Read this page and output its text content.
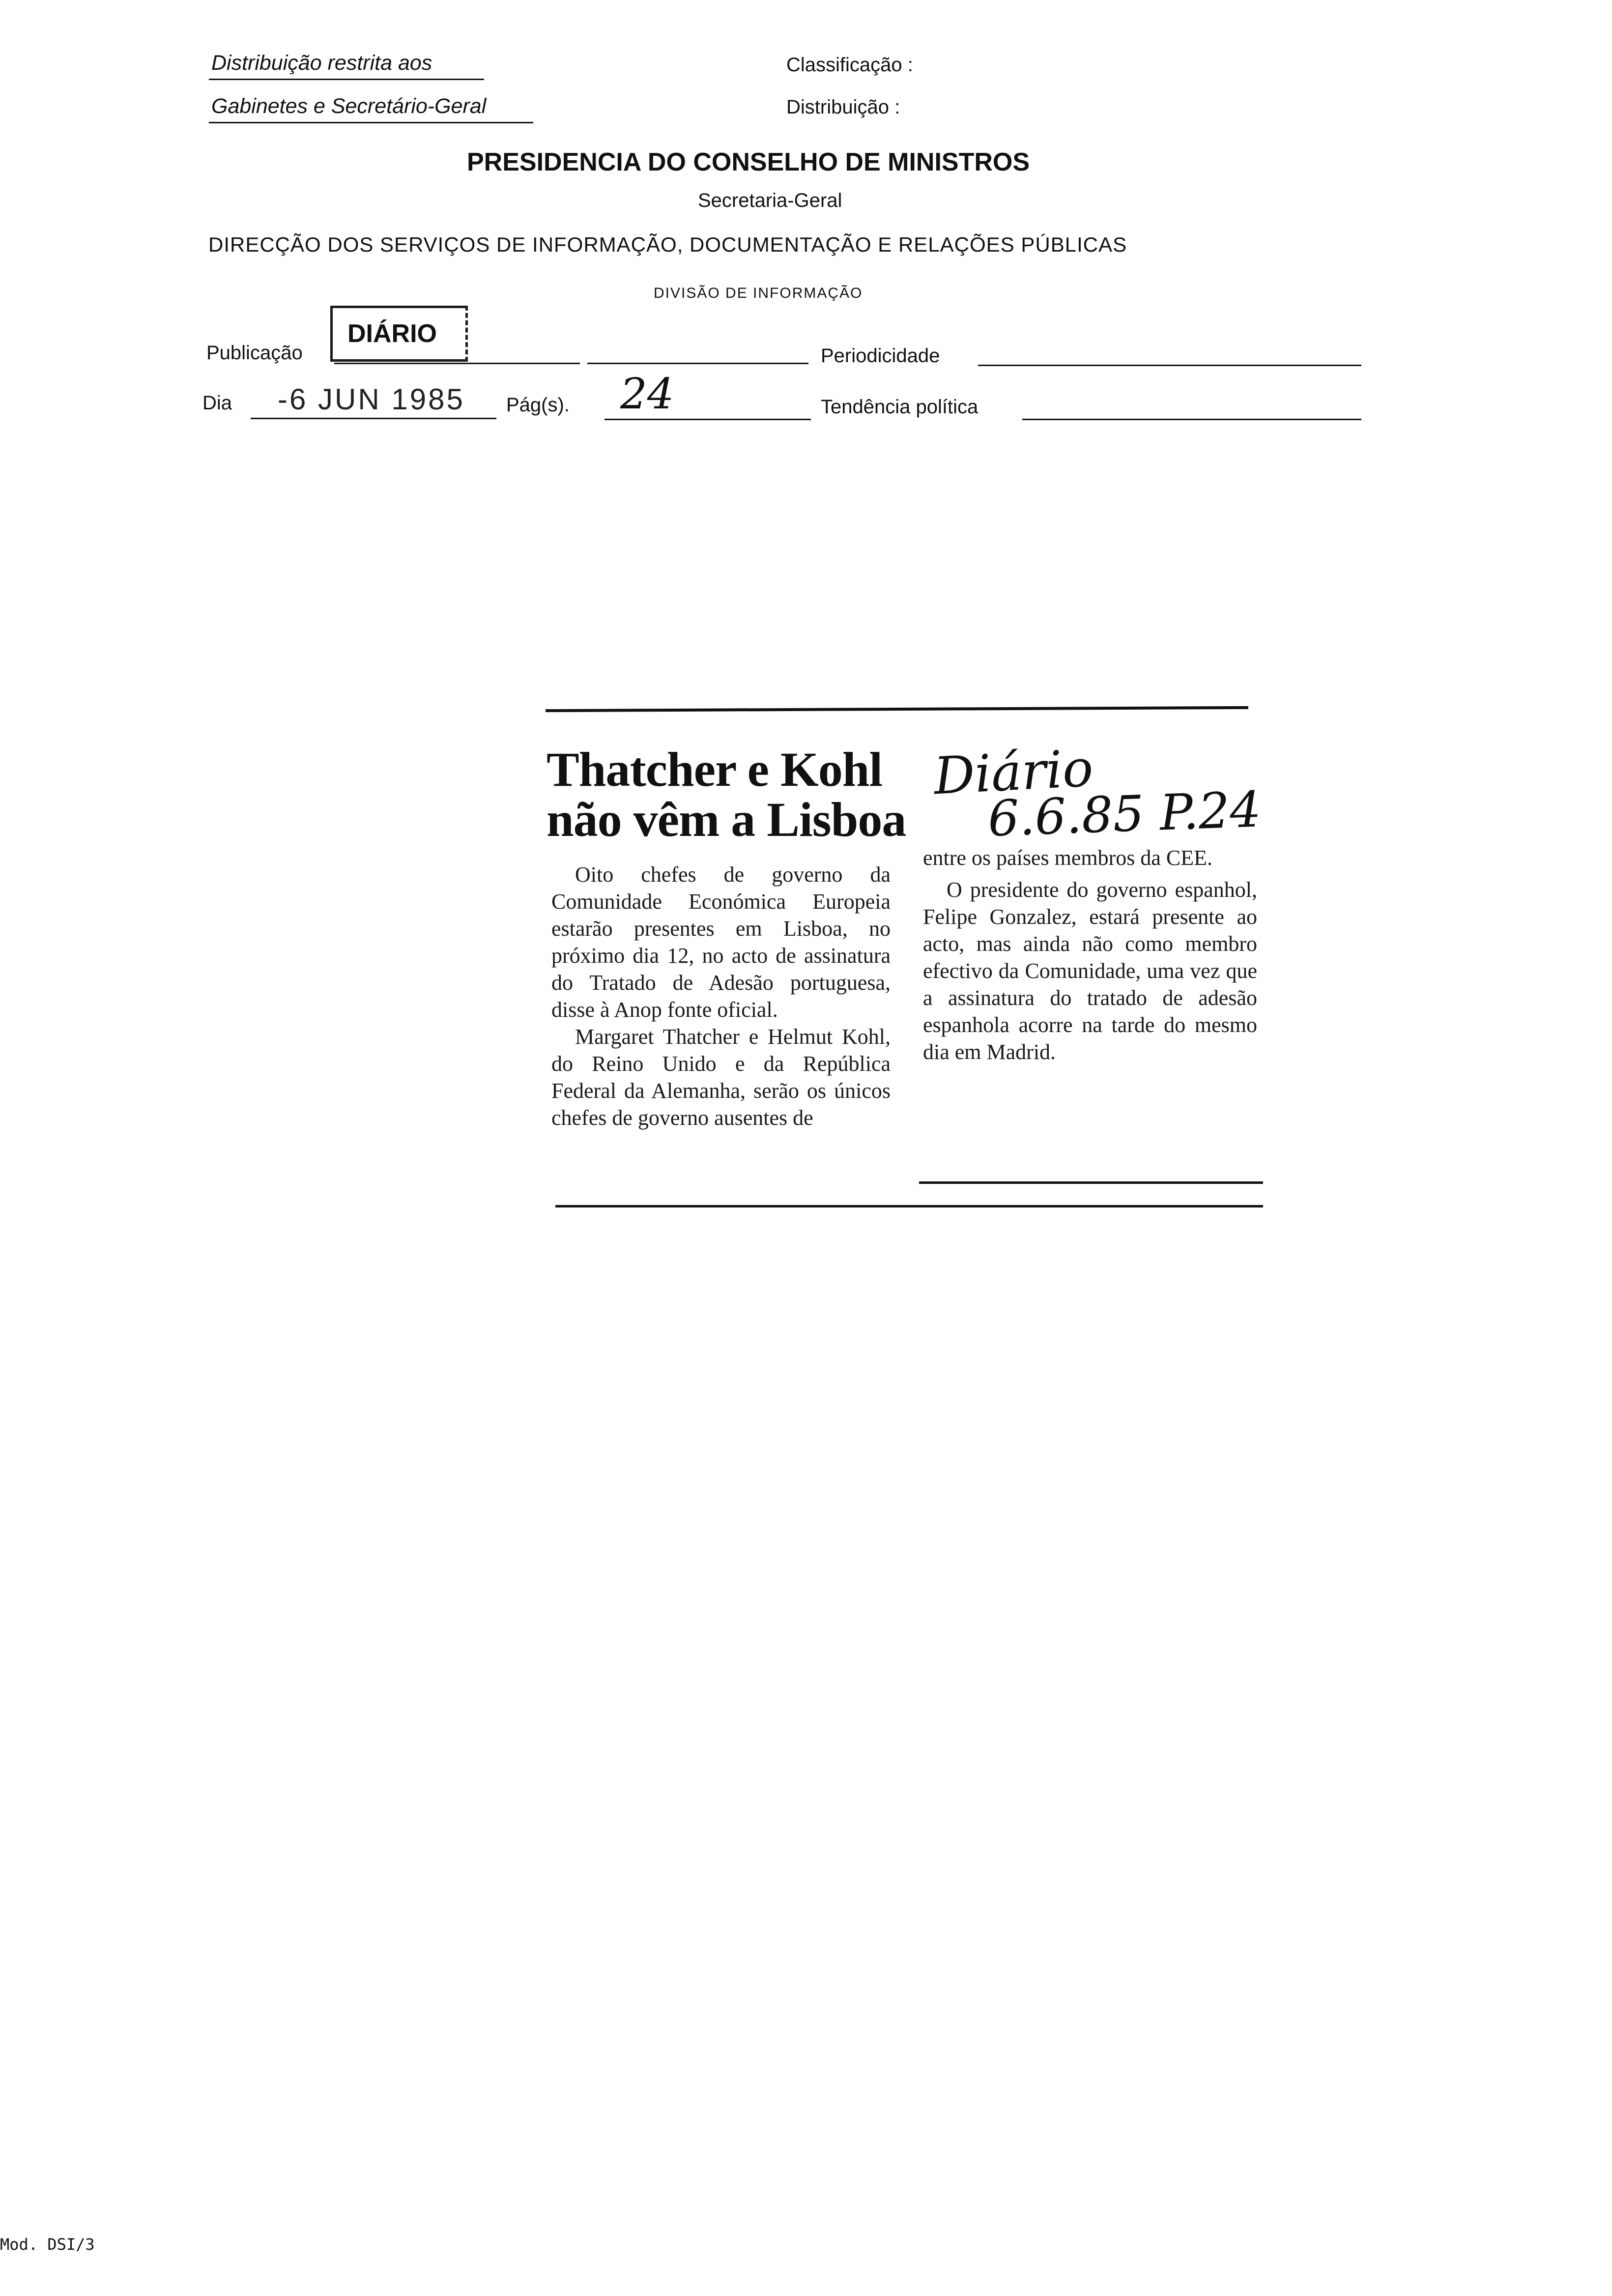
Distribuição restrita aos
Gabinetes e Secretário-Geral
Classificação :
Distribuição :
PRESIDENCIA DO CONSELHO DE MINISTROS
Secretaria-Geral
DIRECÇÃO DOS SERVIÇOS DE INFORMAÇÃO, DOCUMENTAÇÃO E RELAÇÕES PÚBLICAS
DIVISÃO DE INFORMAÇÃO
Publicação
DIÁRIO
Periodicidade
Dia -6 JUN 1985 Pág(s). 24	Tendência política
Thatcher e Kohl
não vêm a Lisboa
Diário
6.6.85 P.24

Oito chefes de governo da Comunidade Económica Europeia estarão presentes em Lisboa, no próximo dia 12, no acto de assinatura do Tratado de Adesão portuguesa, disse à Anop fonte oficial.

Margaret Thatcher e Helmut Kohl, do Reino Unido e da República Federal da Alemanha, serão os únicos chefes de governo ausentes de

entre os países membros da CEE.

O presidente do governo espanhol, Felipe Gonzalez, estará presente ao acto, mas ainda não como membro efectivo da Comunidade, uma vez que a assinatura do tratado de adesão espanhola acorre na tarde do mesmo dia em Madrid.

Mod. DSI/3
